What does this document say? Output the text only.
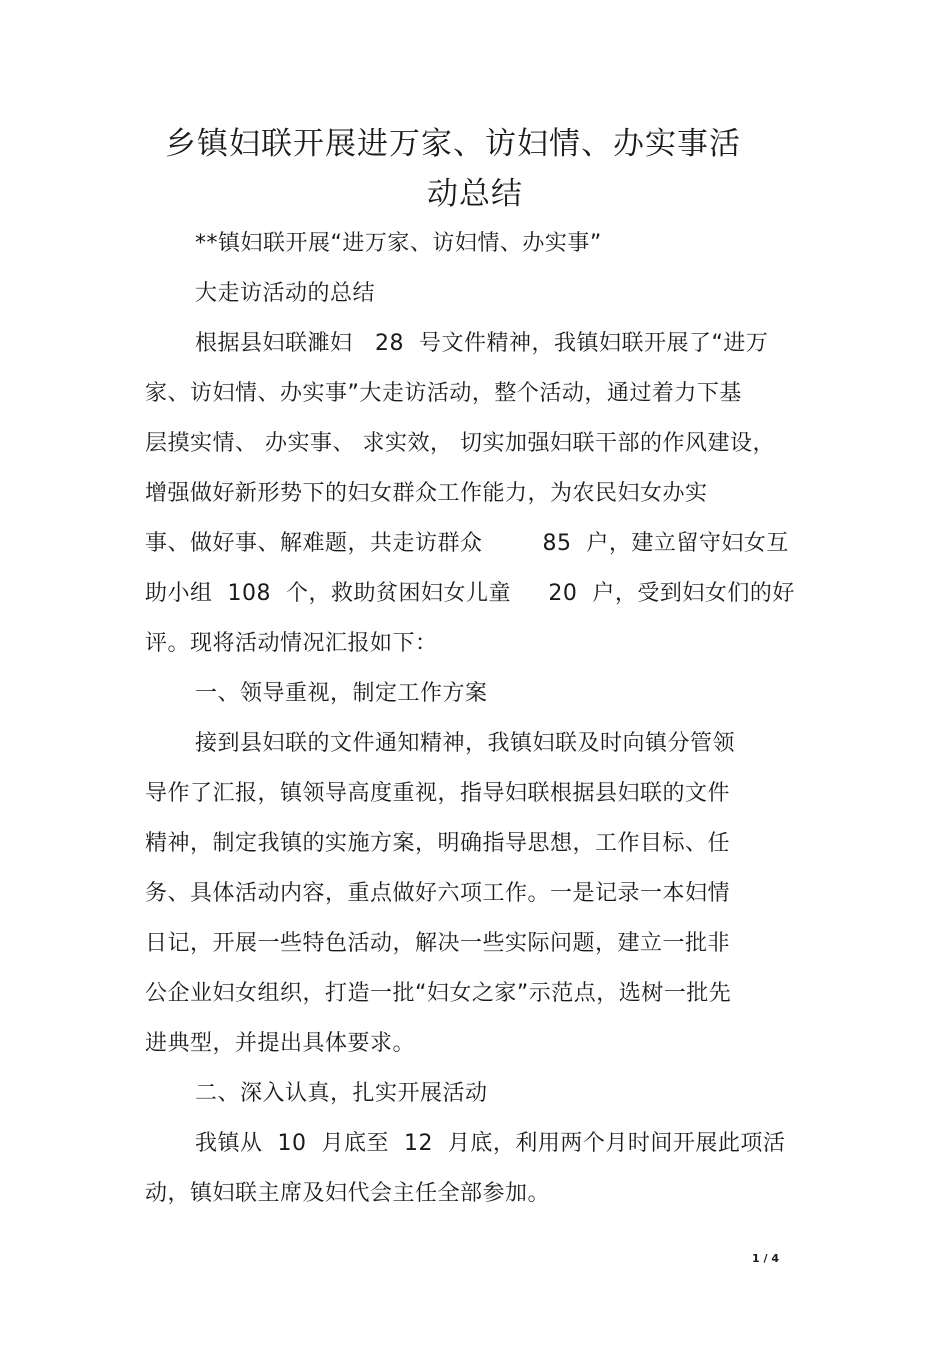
乡镇妇联开展进万家、访妇情、办实事活
动总结
**镇妇联开展“进万家、访妇情、办实事”
大走访活动的总结
根据县妇联濉妇   28  号文件精神，我镇妇联开展了“进万
家、访妇情、办实事”大走访活动，整个活动，通过着力下基
层摸实情、 办实事、 求实效， 切实加强妇联干部的作风建设，
增强做好新形势下的妇女群众工作能力，为农民妇女办实
事、做好事、解难题，共走访群众        85  户，建立留守妇女互
助小组  108  个，救助贫困妇女儿童     20  户，受到妇女们的好
评。现将活动情况汇报如下：
一、领导重视，制定工作方案
接到县妇联的文件通知精神，我镇妇联及时向镇分管领
导作了汇报，镇领导高度重视，指导妇联根据县妇联的文件
精神，制定我镇的实施方案，明确指导思想，工作目标、任
务、具体活动内容，重点做好六项工作。一是记录一本妇情
日记，开展一些特色活动，解决一些实际问题，建立一批非
公企业妇女组织，打造一批“妇女之家”示范点，选树一批先
进典型，并提出具体要求。
二、深入认真，扎实开展活动
我镇从  10  月底至  12  月底，利用两个月时间开展此项活
动，镇妇联主席及妇代会主任全部参加。
1 / 4
